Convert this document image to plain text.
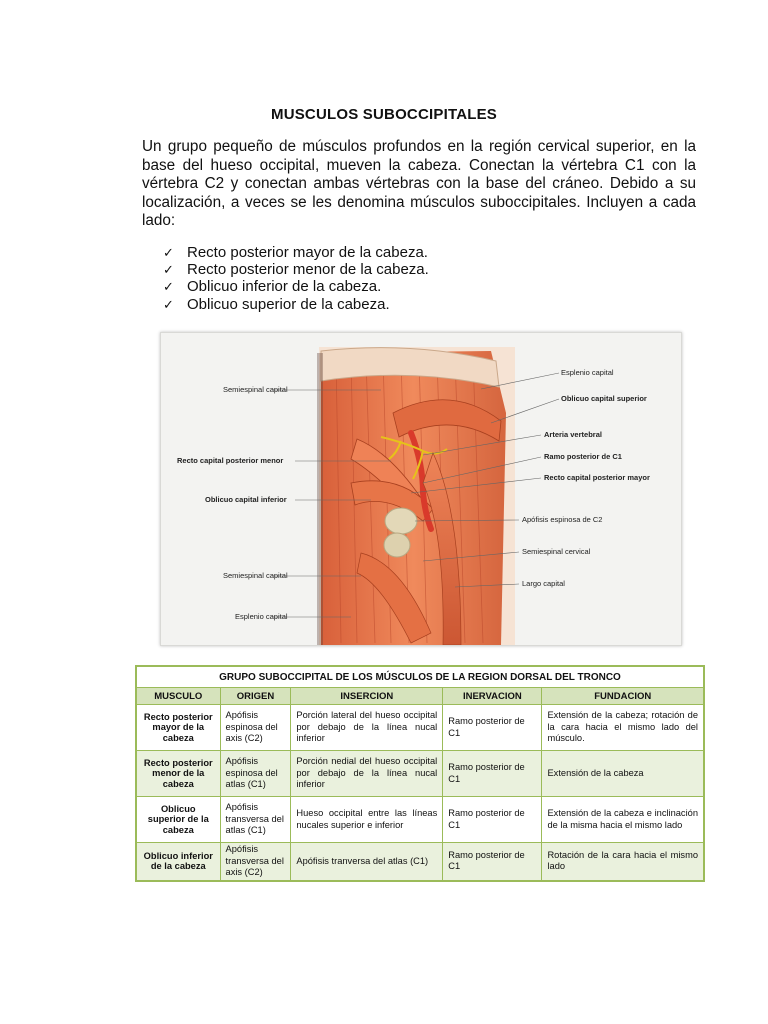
MUSCULOS SUBOCCIPITALES
Un grupo pequeño de músculos profundos en la región cervical superior, en la base del hueso occipital, mueven la cabeza. Conectan la vértebra C1 con la vértebra C2 y conectan ambas vértebras con la base del cráneo. Debido a su localización, a veces se les denomina músculos suboccipitales. Incluyen a cada lado:
✓ Recto posterior mayor de la cabeza.
✓ Recto posterior menor de la cabeza.
✓ Oblicuo inferior de la cabeza.
✓ Oblicuo superior de la cabeza.
Semiespinal capital
Recto capital posterior menor
Oblicuo capital inferior
Semiespinal capital
Esplenio capital
Esplenio capital
Oblicuo capital superior
Arteria vertebral
Ramo posterior de C1
Recto capital posterior mayor
Apófisis espinosa de C2
Semiespinal cervical
Largo capital
GRUPO SUBOCCIPITAL DE LOS MÚSCULOS DE LA REGION DORSAL DEL TRONCO				
MUSCULO	ORIGEN	INSERCION	INERVACION	FUNDACION
Recto posterior mayor de la cabeza	Apófisis espinosa del axis (C2)	Porción lateral del hueso occipital por debajo de la línea nucal inferior	Ramo posterior de C1	Extensión de la cabeza; rotación de la cara hacia el mismo lado del músculo.
Recto posterior menor de la cabeza	Apófisis espinosa del atlas (C1)	Porción nedial del hueso occipital por debajo de la línea nucal inferior	Ramo posterior de C1	Extensión de la cabeza
Oblicuo superior de la cabeza	Apófisis transversa del atlas (C1)	Hueso occipital entre las líneas nucales superior e inferior	Ramo posterior de C1	Extensión de la cabeza e inclinación de la misma hacia el mismo lado
Oblicuo inferior de la cabeza	Apófisis transversa del axis (C2)	Apófisis tranversa del atlas (C1)	Ramo posterior de C1	Rotación de la cara hacia el mismo lado
